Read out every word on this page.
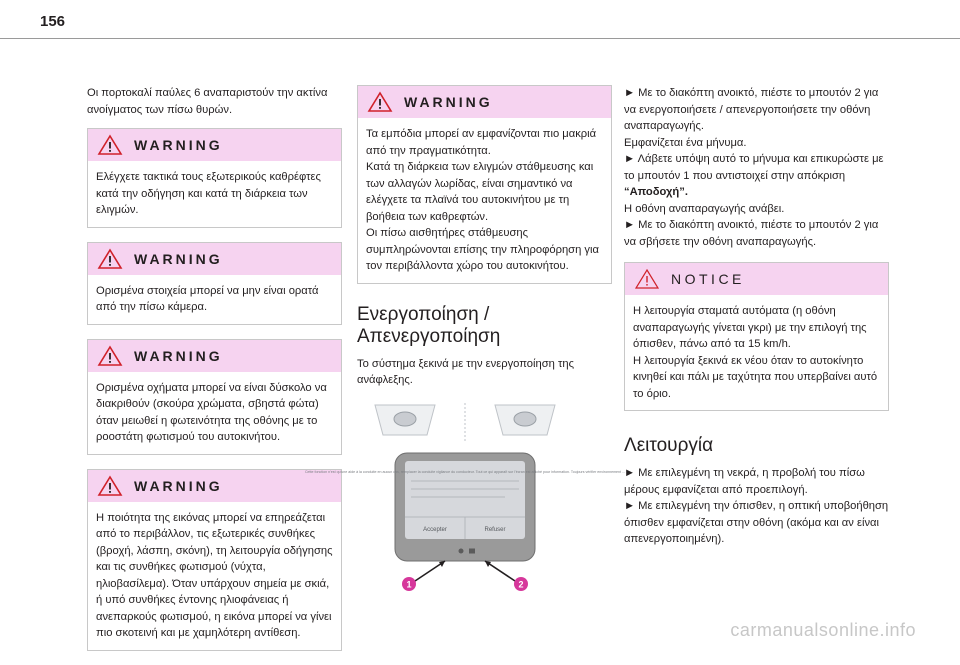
156

Οι πορτοκαλί παύλες 6 αναπαριστούν την ακτίνα ανοίγματος των πίσω θυρών.

WARNING
Ελέγχετε τακτικά τους εξωτερικούς καθρέφτες κατά την οδήγηση και κατά τη διάρκεια των ελιγμών.
WARNING
Ορισμένα στοιχεία μπορεί να μην είναι ορατά από την πίσω κάμερα.
WARNING
Ορισμένα οχήματα μπορεί να είναι δύσκολο να διακριθούν (σκούρα χρώματα, σβηστά φώτα) όταν μειωθεί η φωτεινότητα της οθόνης με το ροοστάτη φωτισμού του αυτοκινήτου.
WARNING
Η ποιότητα της εικόνας μπορεί να επηρεάζεται από το περιβάλλον, τις εξωτερικές συνθήκες (βροχή, λάσπη, σκόνη), τη λειτουργία οδήγησης και τις συνθήκες φωτισμού (νύχτα, ηλιοβασίλεμα). Όταν υπάρχουν σημεία με σκιά, ή υπό συνθήκες έντονης ηλιοφάνειας ή ανεπαρκούς φωτισμού, η εικόνα μπορεί να γίνει πιο σκοτεινή και με χαμηλότερη αντίθεση.
WARNING
Τα εμπόδια μπορεί αν εμφανίζονται πιο μακριά από την πραγματικότητα.
Κατά τη διάρκεια των ελιγμών στάθμευσης και των αλλαγών λωρίδας, είναι σημαντικό να ελέγχετε τα πλαϊνά του αυτοκινήτου με τη βοήθεια των καθρεφτών.
Οι πίσω αισθητήρες στάθμευσης συμπληρώνονται επίσης την πληροφόρηση για τον περιβάλλοντα χώρο του αυτοκινήτου.
Ενεργοποίηση / Απενεργοποίηση

Το σύστημα ξεκινά με την ενεργοποίηση της ανάφλεξης.

Cette fonction n'est qu'une aide à la conduite en aucun cas, remplacer la conduite vigilance du conducteur. Tout ce qui apparaît sur l'écran est affiché pour information. Toujours vérifier environnement ...
Accepter	Refuser
1	2

► Με το διακόπτη ανοικτό, πιέστε το μπουτόν 2 για να ενεργοποιήσετε / απενεργοποιήσετε την οθόνη αναπαραγωγής.
Εμφανίζεται ένα μήνυμα.
► Λάβετε υπόψη αυτό το μήνυμα και επικυρώστε με το μπουτόν 1 που αντιστοιχεί στην απόκριση
“Αποδοχή”.
Η οθόνη αναπαραγωγής ανάβει.
► Με το διακόπτη ανοικτό, πιέστε το μπουτόν 2 για να σβήσετε την οθόνη αναπαραγωγής.

NOTICE
Η λειτουργία σταματά αυτόματα (η οθόνη αναπαραγωγής γίνεται γκρι) με την επιλογή της όπισθεν, πάνω από τα 15 km/h.
Η λειτουργία ξεκινά εκ νέου όταν το αυτοκίνητο κινηθεί και πάλι με ταχύτητα που υπερβαίνει αυτό το όριο.
Λειτουργία

► Με επιλεγμένη τη νεκρά, η προβολή του πίσω μέρους εμφανίζεται από προεπιλογή.
► Με επιλεγμένη την όπισθεν, η οπτική υποβοήθηση όπισθεν εμφανίζεται στην οθόνη (ακόμα και αν είναι απενεργοποιημένη).

carmanualsonline.info
